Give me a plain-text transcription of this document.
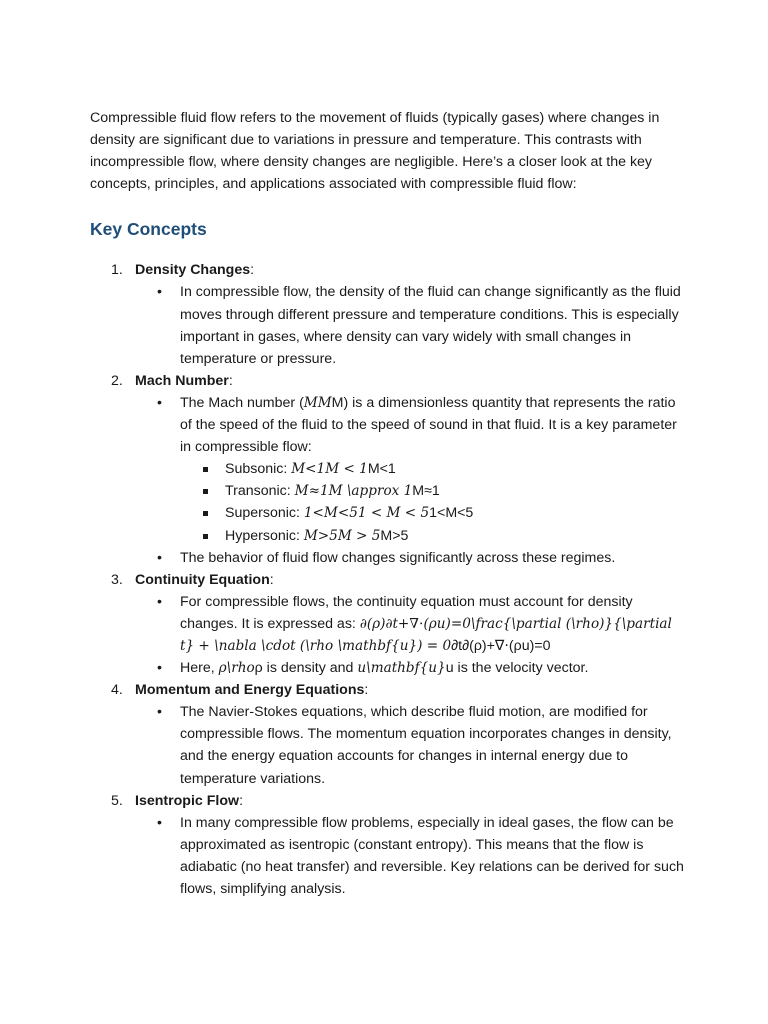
Compressible fluid flow refers to the movement of fluids (typically gases) where changes in density are significant due to variations in pressure and temperature. This contrasts with incompressible flow, where density changes are negligible. Here’s a closer look at the key concepts, principles, and applications associated with compressible fluid flow:

Key Concepts
1. Density Changes:
• In compressible flow, the density of the fluid can change significantly as the fluid moves through different pressure and temperature conditions. This is especially important in gases, where density can vary widely with small changes in temperature or pressure.
2. Mach Number:
• The Mach number (MMM) is a dimensionless quantity that represents the ratio of the speed of the fluid to the speed of sound in that fluid. It is a key parameter in compressible flow:
Subsonic: M<1M < 1M<1
Transonic: M≈1M \approx 1M≈1
Supersonic: 1<M<51 < M < 51<M<5
Hypersonic: M>5M > 5M>5
• The behavior of fluid flow changes significantly across these regimes.
3. Continuity Equation:
• For compressible flows, the continuity equation must account for density changes. It is expressed as: ∂(ρ)∂t+∇⋅(ρu)=0\frac{\partial (\rho)}{\partial t} + \nabla \cdot (\rho \mathbf{u}) = 0∂t∂(ρ)​+∇⋅(ρu)=0
• Here, ρ\rhoρ is density and u\mathbf{u}u is the velocity vector.
4. Momentum and Energy Equations:
• The Navier-Stokes equations, which describe fluid motion, are modified for compressible flows. The momentum equation incorporates changes in density, and the energy equation accounts for changes in internal energy due to temperature variations.
5. Isentropic Flow:
• In many compressible flow problems, especially in ideal gases, the flow can be approximated as isentropic (constant entropy). This means that the flow is adiabatic (no heat transfer) and reversible. Key relations can be derived for such flows, simplifying analysis.
